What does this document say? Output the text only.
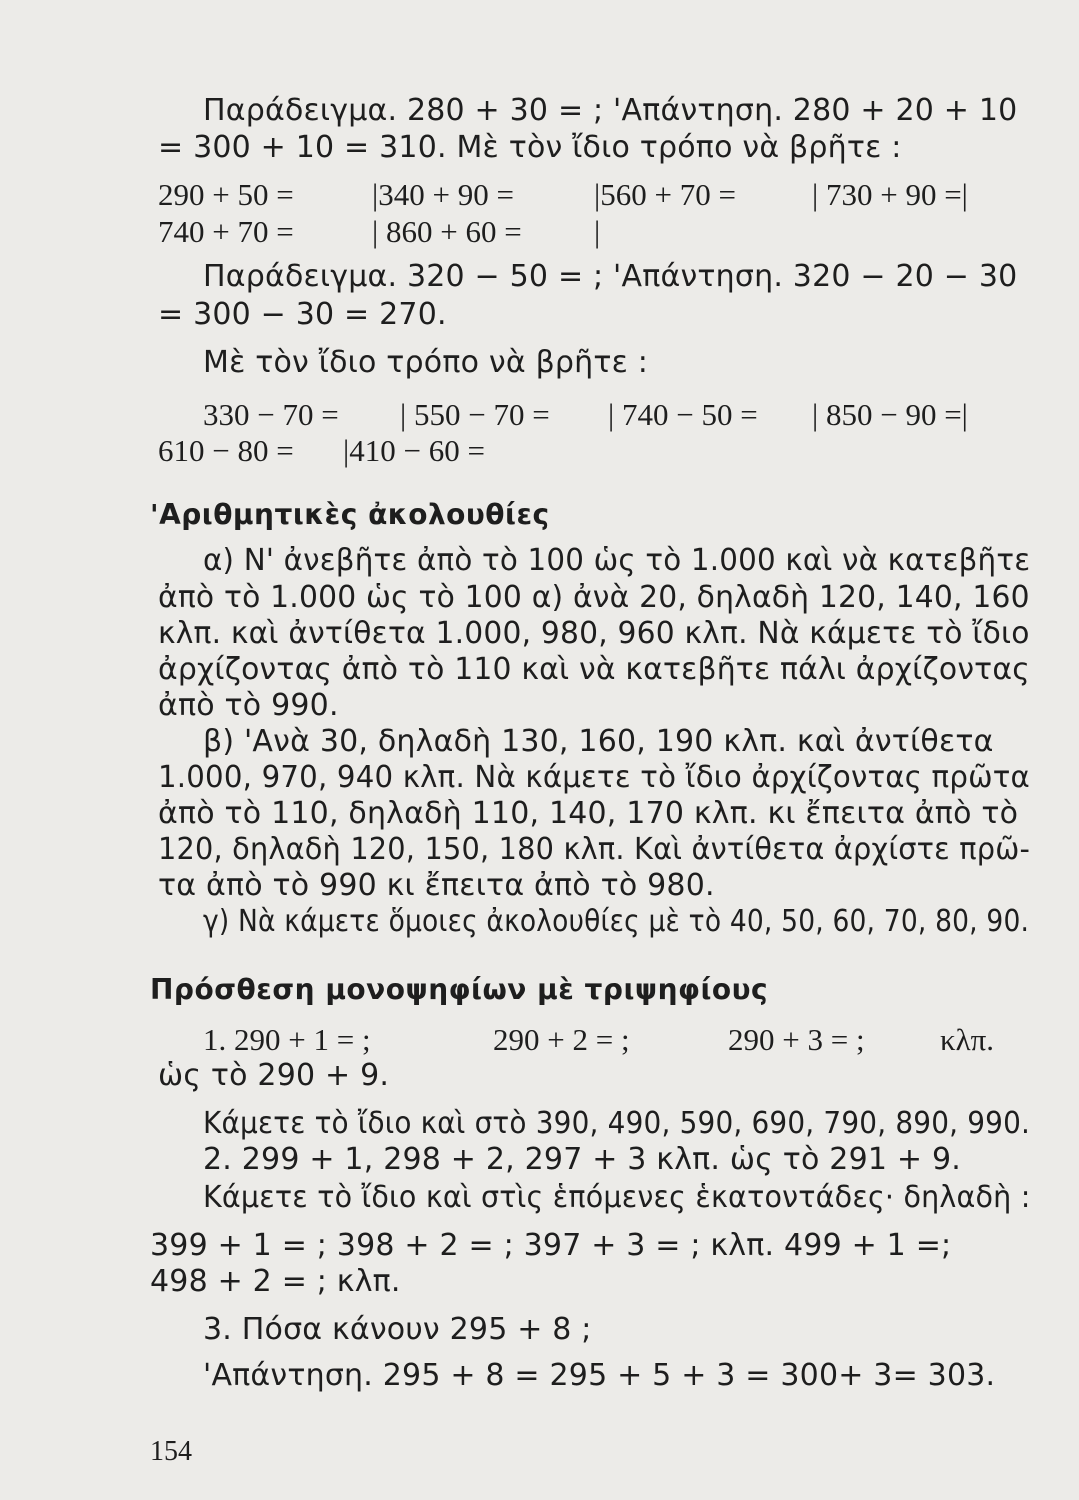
Παράδειγμα. 280 + 30 = ; 'Απάντηση. 280 + 20 + 10
= 300 + 10 = 310. Μὲ τὸν ἴδιο τρόπο νὰ βρῆτε :
290 + 50 =	|340 + 90 =	|560 + 70 = | 730 + 90 =|
740 + 70 =	| 860 + 60 = |
Παράδειγμα. 320 − 50 = ; 'Απάντηση. 320 − 20 − 30
= 300 − 30 = 270.
Μὲ τὸν ἴδιο τρόπο νὰ βρῆτε :
330 − 70 = | 550 − 70 = | 740 − 50 = | 850 − 90 =|
610 − 80 = |410 − 60 =
'Αριθμητικὲς ἀκολουθίες
α) Ν' ἀνεβῆτε ἀπὸ τὸ 100 ὡς τὸ 1.000 καὶ νὰ κατεβῆτε
ἀπὸ τὸ 1.000 ὡς τὸ 100 α) ἀνὰ 20, δηλαδὴ 120, 140, 160
κλπ. καὶ ἀντίθετα 1.000, 980, 960 κλπ. Νὰ κάμετε τὸ ἴδιο
ἀρχίζοντας ἀπὸ τὸ 110 καὶ νὰ κατεβῆτε πάλι ἀρχίζοντας
ἀπὸ τὸ 990.
β) 'Ανὰ 30, δηλαδὴ 130, 160, 190 κλπ. καὶ ἀντίθετα
1.000, 970, 940 κλπ. Νὰ κάμετε τὸ ἴδιο ἀρχίζοντας πρῶτα
ἀπὸ τὸ 110, δηλαδὴ 110, 140, 170 κλπ. κι ἔπειτα ἀπὸ τὸ
120, δηλαδὴ 120, 150, 180 κλπ. Καὶ ἀντίθετα ἀρχίστε πρῶ-
τα ἀπὸ τὸ 990 κι ἔπειτα ἀπὸ τὸ 980.
γ) Νὰ κάμετε ὅμοιες ἀκολουθίες μὲ τὸ 40, 50, 60, 70, 80, 90.
Πρόσθεση μονοψηφίων μὲ τριψηφίους
1. 290 + 1 = ;	290 + 2 = ;	290 + 3 = ; κλπ.
ὡς τὸ 290 + 9.
Κάμετε τὸ ἴδιο καὶ στὸ 390, 490, 590, 690, 790, 890, 990.
2. 299 + 1, 298 + 2, 297 + 3 κλπ. ὡς τὸ 291 + 9.
Κάμετε τὸ ἴδιο καὶ στὶς ἑπόμενες ἑκατοντάδες· δηλαδὴ :
399 + 1 = ; 398 + 2 = ; 397 + 3 = ; κλπ. 499 + 1 =;
498 + 2 = ; κλπ.
3. Πόσα κάνουν 295 + 8 ;
'Απάντηση. 295 + 8 = 295 + 5 + 3 = 300+ 3= 303.
154
